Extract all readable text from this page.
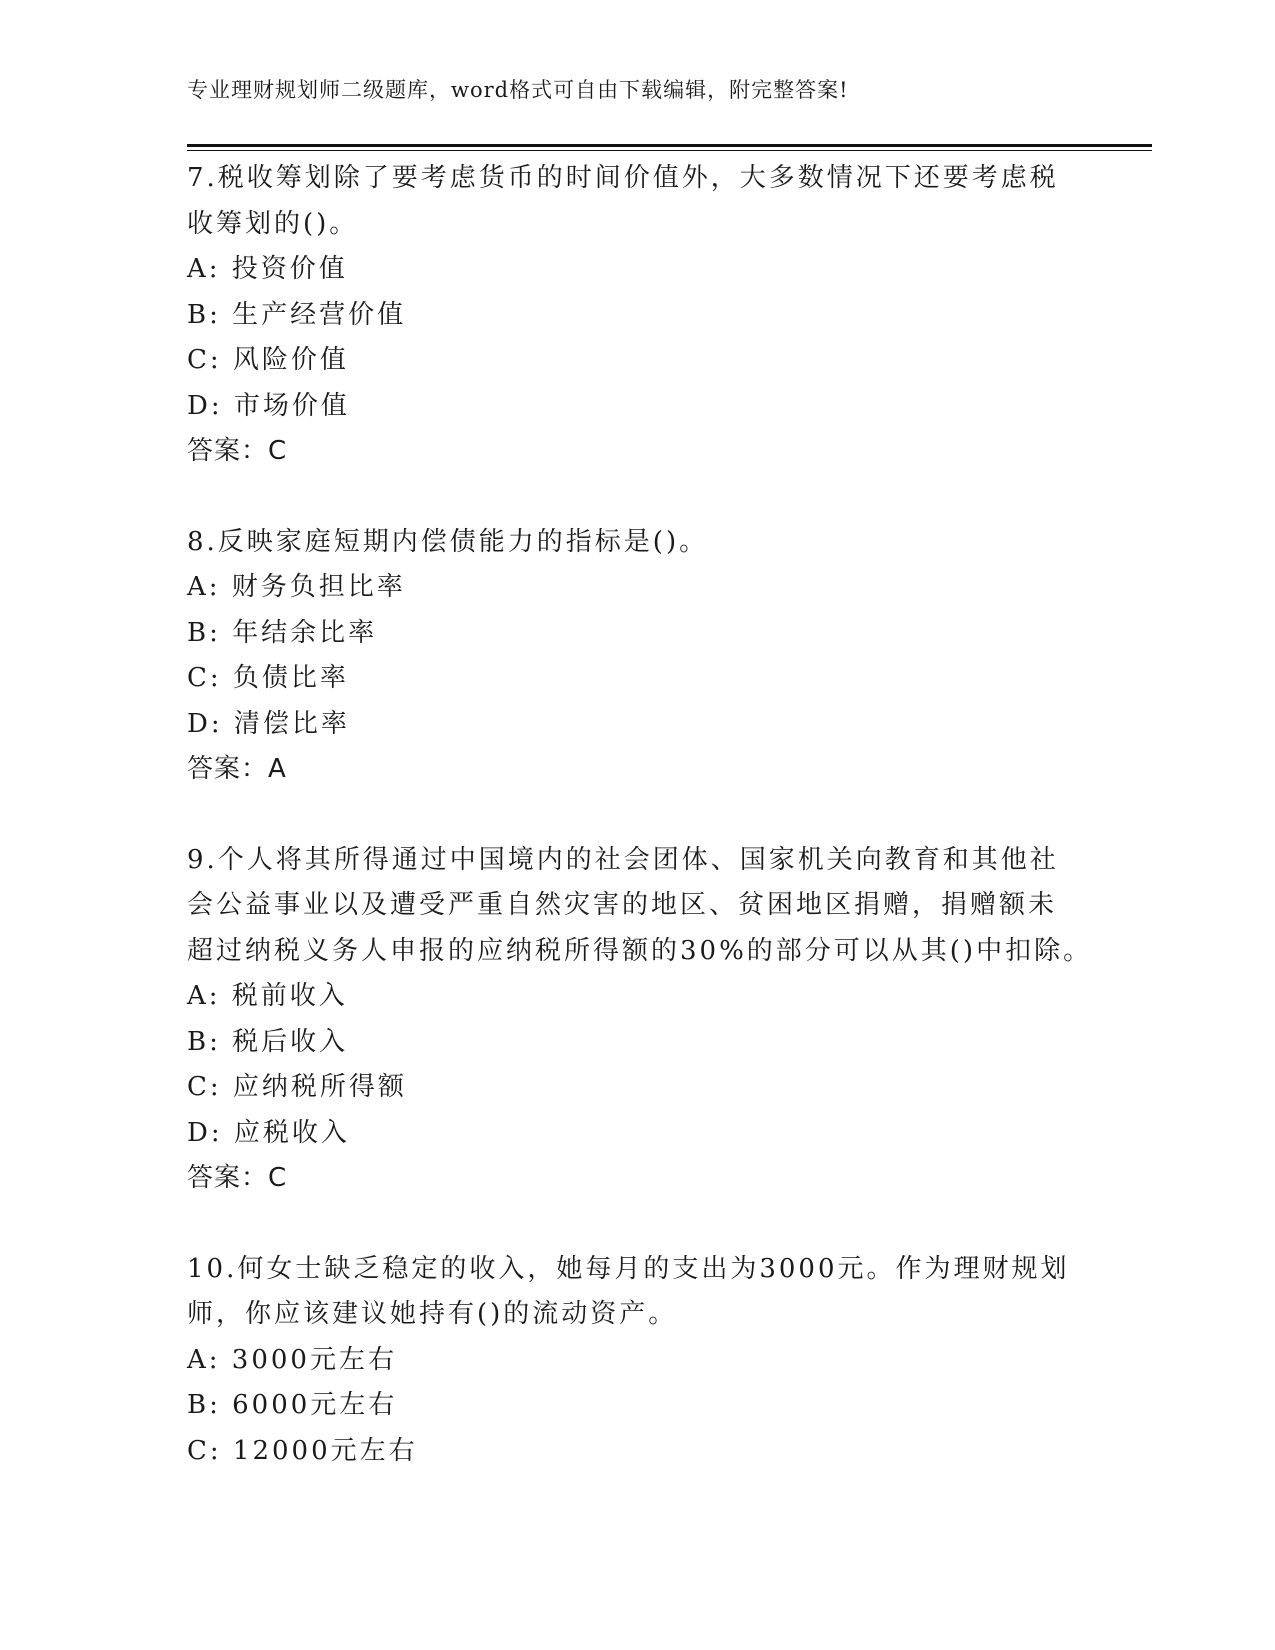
专业理财规划师二级题库，word格式可自由下载编辑，附完整答案!
7.税收筹划除了要考虑货币的时间价值外，大多数情况下还要考虑税
收筹划的()。
A: 投资价值
B: 生产经营价值
C: 风险价值
D: 市场价值
答案：C
8.反映家庭短期内偿债能力的指标是()。
A: 财务负担比率
B: 年结余比率
C: 负债比率
D: 清偿比率
答案：A
9.个人将其所得通过中国境内的社会团体、国家机关向教育和其他社
会公益事业以及遭受严重自然灾害的地区、贫困地区捐赠，捐赠额未
超过纳税义务人申报的应纳税所得额的30%的部分可以从其()中扣除。
A: 税前收入
B: 税后收入
C: 应纳税所得额
D: 应税收入
答案：C
10.何女士缺乏稳定的收入，她每月的支出为3000元。作为理财规划
师，你应该建议她持有()的流动资产。
A: 3000元左右
B: 6000元左右
C: 12000元左右
